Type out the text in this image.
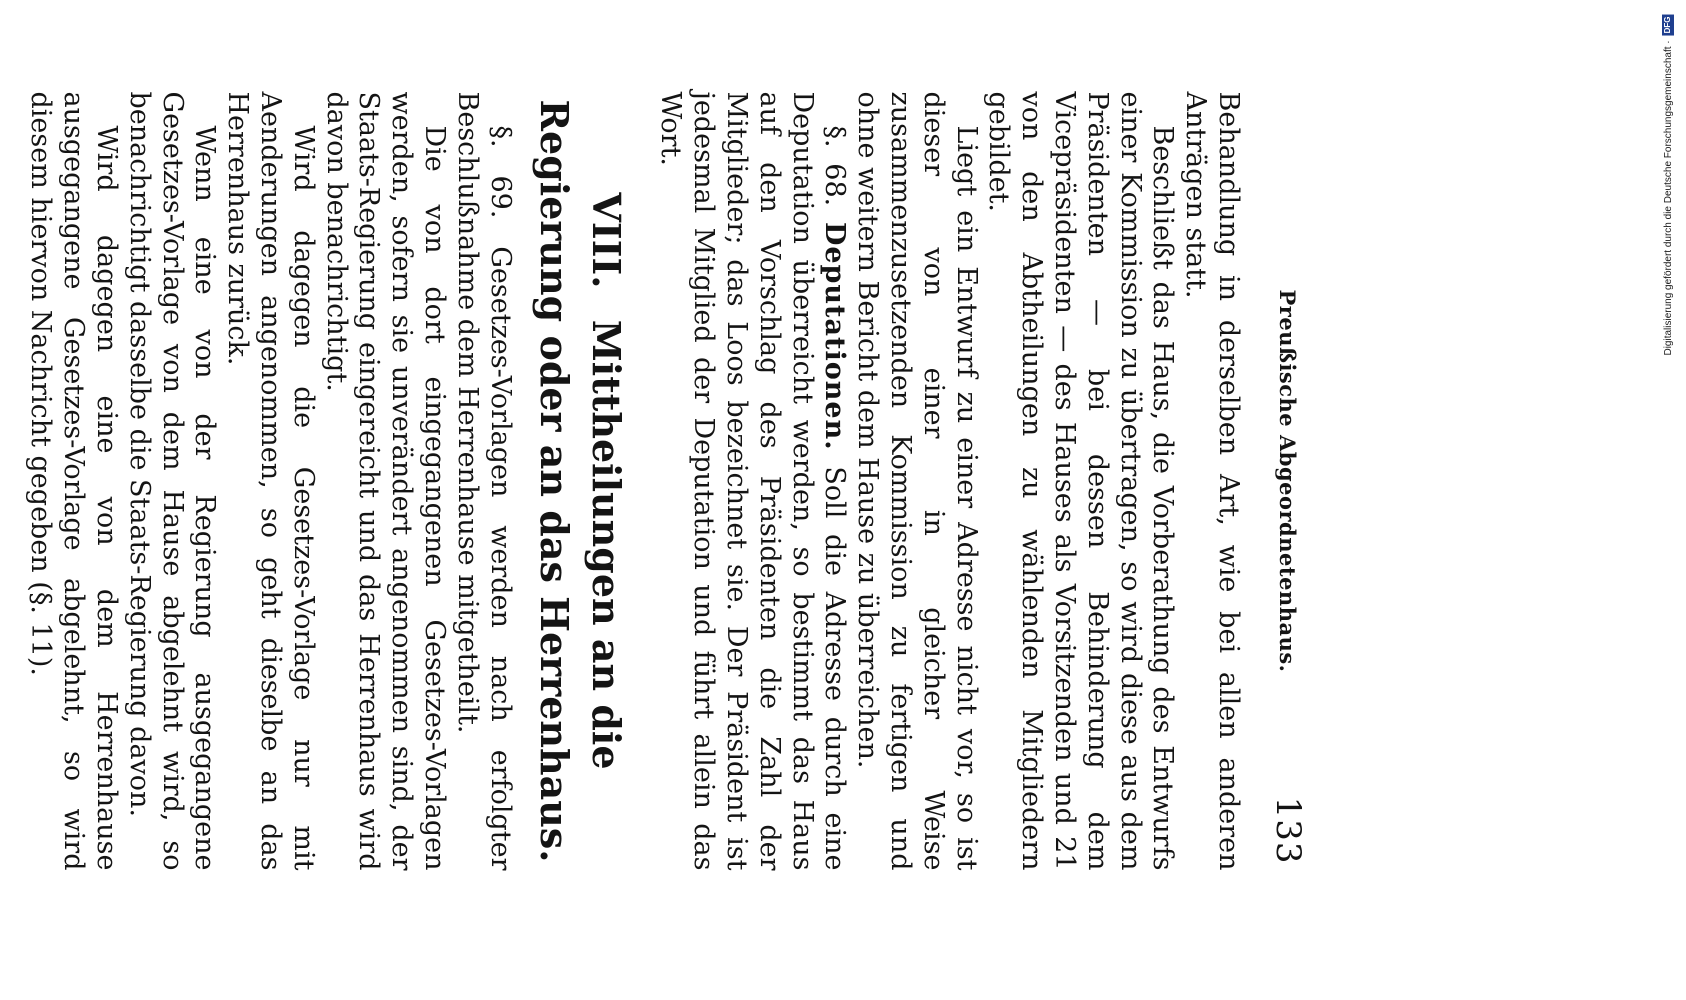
Preußische Abgeordnetenhaus.
133

Behandlung in derselben Art, wie bei allen anderen Anträgen statt.

Beschließt das Haus, die Vorberathung des Entwurfs einer Kommission zu übertragen, so wird diese aus dem Präsidenten — bei dessen Behinderung dem Vicepräsidenten — des Hauses als Vorsitzenden und 21 von den Abtheilungen zu wählenden Mitgliedern gebildet.

Liegt ein Entwurf zu einer Adresse nicht vor, so ist dieser von einer in gleicher Weise zusammenzusetzenden Kommission zu fertigen und ohne weitern Bericht dem Hause zu überreichen.

§. 68. Deputationen. Soll die Adresse durch eine Deputation überreicht werden, so bestimmt das Haus auf den Vorschlag des Präsidenten die Zahl der Mitglieder; das Loos bezeichnet sie. Der Präsident ist jedesmal Mitglied der Deputation und führt allein das Wort.

VIII. Mittheilungen an die Regierung oder an das Herrenhaus.

§. 69. Gesetzes-Vorlagen werden nach erfolgter Beschlußnahme dem Herrenhause mitgetheilt.

Die von dort eingegangenen Gesetzes-Vorlagen werden, sofern sie unverändert angenommen sind, der Staats-Regierung eingereicht und das Herrenhaus wird davon benachrichtigt.

Wird dagegen die Gesetzes-Vorlage nur mit Aenderungen angenommen, so geht dieselbe an das Herrenhaus zurück.

Wenn eine von der Regierung ausgegangene Gesetzes-Vorlage von dem Hause abgelehnt wird, so benachrichtigt dasselbe die Staats-Regierung davon.

Wird dagegen eine von dem Herrenhause ausgegangene Gesetzes-Vorlage abgelehnt, so wird diesem hiervon Nachricht gegeben (§. 11).	Digitalisierung gefördert durch die Deutsche Forschungsgemeinschaft ·
DFG
